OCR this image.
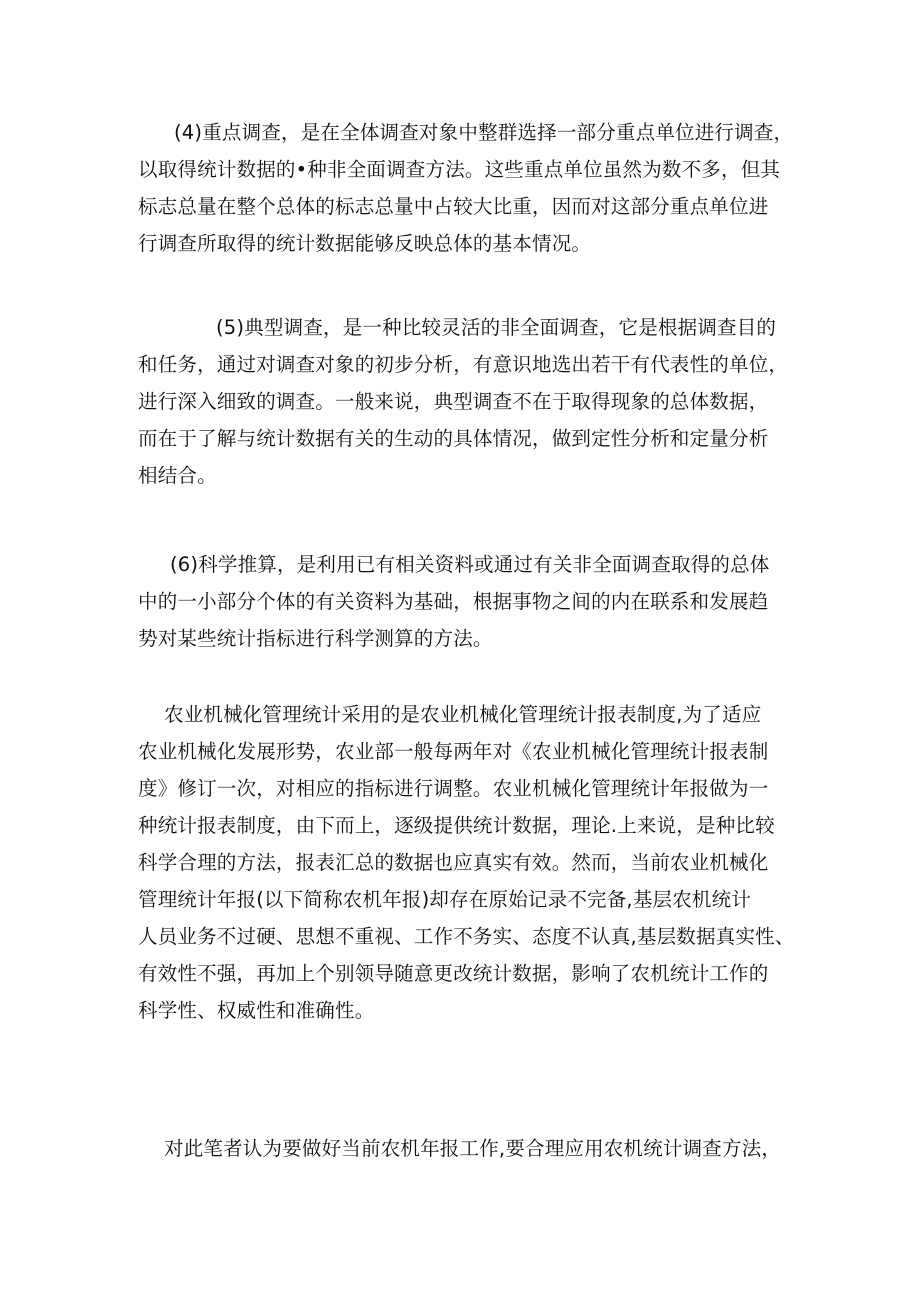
(4)重点调查，是在全体调查对象中整群选择一部分重点单位进行调查，
以取得统计数据的•种非全面调查方法。这些重点单位虽然为数不多，但其
标志总量在整个总体的标志总量中占较大比重，因而对这部分重点单位进
行调查所取得的统计数据能够反映总体的基本情况。
(5)典型调查，是一种比较灵活的非全面调查，它是根据调查目的
和任务，通过对调查对象的初步分析，有意识地选出若干有代表性的单位，
进行深入细致的调查。一般来说，典型调查不在于取得现象的总体数据，
而在于了解与统计数据有关的生动的具体情况，做到定性分析和定量分析
相结合。
(6)科学推算，是利用已有相关资料或通过有关非全面调查取得的总体
中的一小部分个体的有关资料为基础，根据事物之间的内在联系和发展趋
势对某些统计指标进行科学测算的方法。
农业机械化管理统计采用的是农业机械化管理统计报表制度,为了适应
农业机械化发展形势，农业部一般每两年对《农业机械化管理统计报表制
度》修订一次，对相应的指标进行调整。农业机械化管理统计年报做为一
种统计报表制度，由下而上，逐级提供统计数据，理论.上来说，是种比较
科学合理的方法，报表汇总的数据也应真实有效。然而，当前农业机械化
管理统计年报(以下简称农机年报)却存在原始记录不完备,基层农机统计
人员业务不过硬、思想不重视、工作不务实、态度不认真,基层数据真实性、
有效性不强，再加上个别领导随意更改统计数据，影响了农机统计工作的
科学性、权威性和准确性。
对此笔者认为要做好当前农机年报工作,要合理应用农机统计调查方法，
